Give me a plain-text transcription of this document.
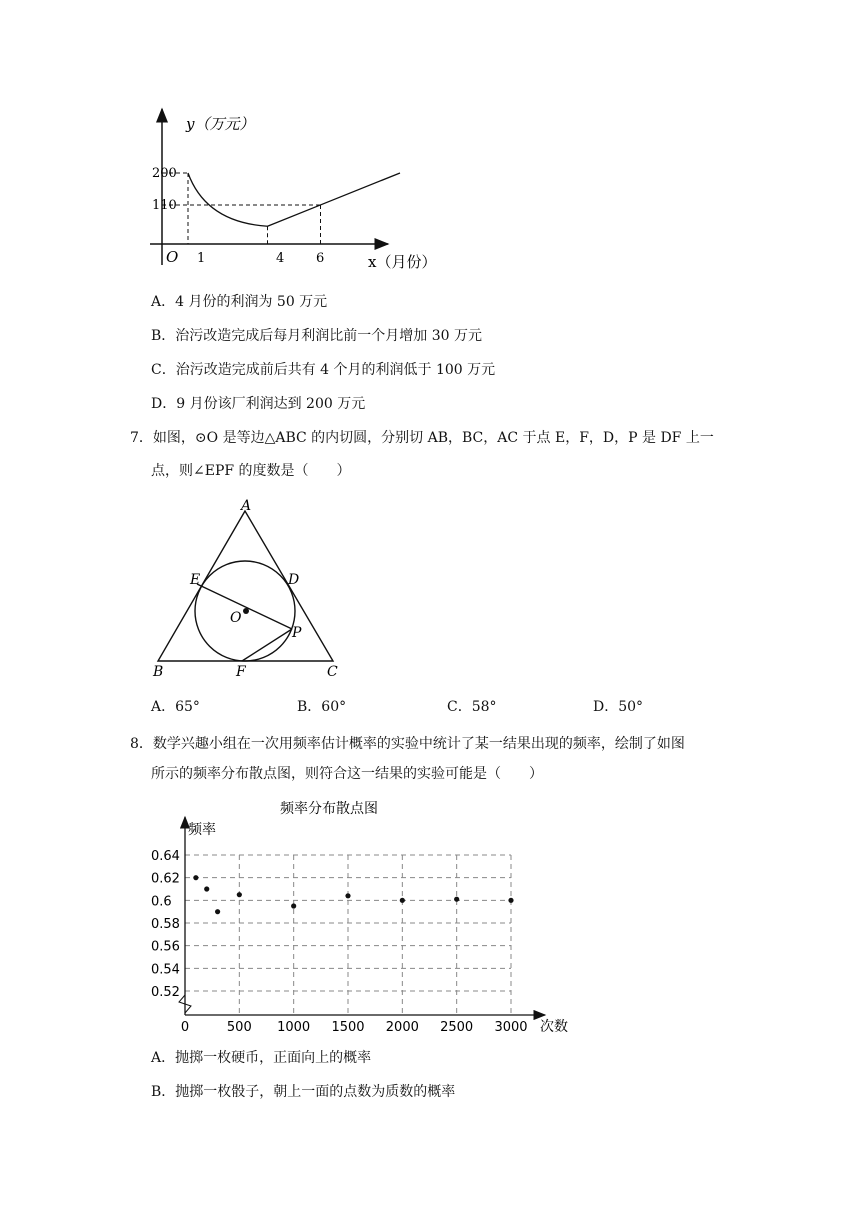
y（万元）
x（月份）
O
200
110
1	4 6
A．4 月份的利润为 50 万元
B．治污改造完成后每月利润比前一个月增加 30 万元
C．治污改造完成前后共有 4 个月的利润低于 100 万元
D．9 月份该厂利润达到 200 万元
7．如图，⊙O 是等边△ABC 的内切圆，分别切 AB，BC，AC 于点 E，F，D，P 是 DF 上一
点，则∠EPF 的度数是（　　）
A
B	C
D
E
F
O
P
A．65°	B．60°	C．58°	D．50°
8．数学兴趣小组在一次用频率估计概率的实验中统计了某一结果出现的频率，绘制了如图
所示的频率分布散点图，则符合这一结果的实验可能是（　　）
频率分布散点图
频率
次数
0.52
0.54
0.56
0.58
0.6
0.62
0.64
0	500 1000 1500 2000 2500 3000
A．抛掷一枚硬币，正面向上的概率
B．抛掷一枚骰子，朝上一面的点数为质数的概率
